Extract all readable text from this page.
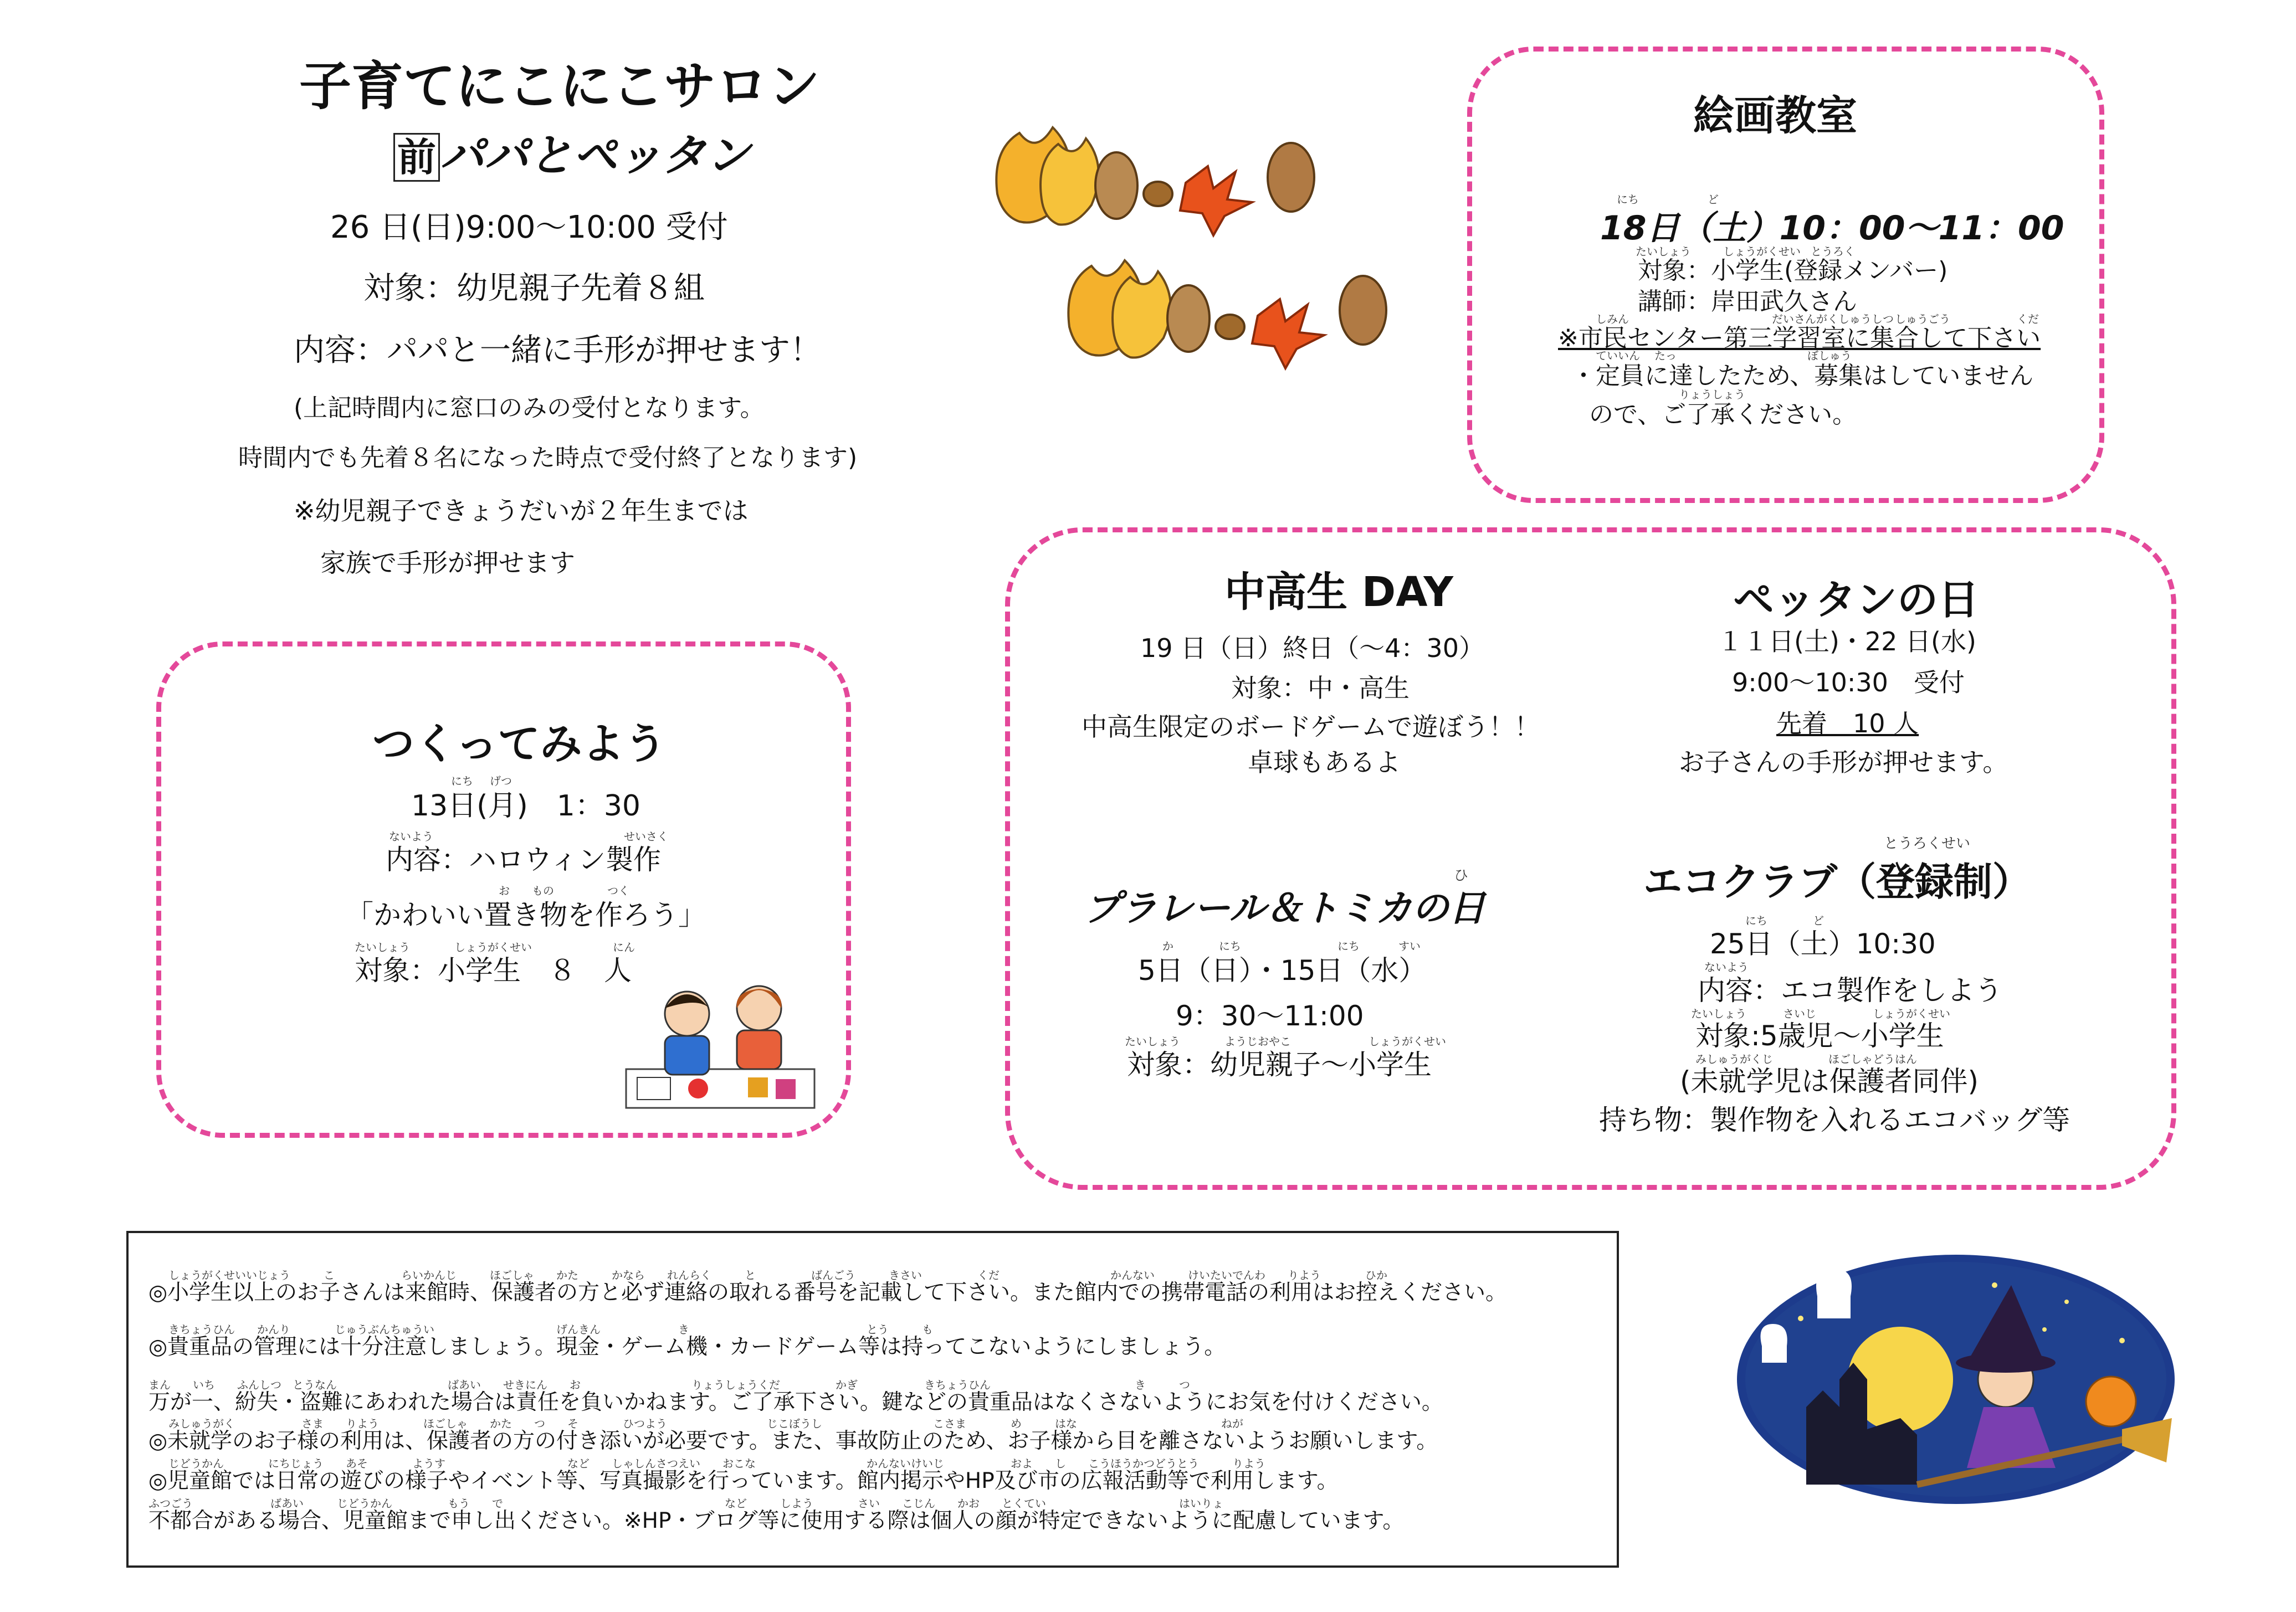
子育てにこにこサロン
前パパとペッタン
26 日(日)9:00～10:00 受付
対象：幼児親子先着８組
内容：パパと一緒に手形が押せます！
(上記時間内に窓口のみの受付となります。
時間内でも先着８名になった時点で受付終了となります)
※幼児親子できょうだいが２年生までは
家族で手形が押せます
絵画教室
にち	ど
18日（土）10：00～11：00
たいしょう	しょうがくせい とうろく
対象：小学生(登録メンバー)
講師：岸田武久さん
しみん	だいさんがくしゅうしつ しゅうごう	くだ
※市民センター第三学習室に集合して下さい
ていいん たっ	ぼしゅう
・定員に達したため、募集はしていません
りょうしょう
ので、ご了承ください。
つくってみよう
にち げつ
13日(月)　1：30
ないよう	せいさく
内容：ハロウィン製作
お もの	つく
「かわいい置き物を作ろう」
たいしょう	しょうがくせい	にん
対象：小学生　８　人
中高生 DAY
19 日（日）終日（～4：30）
対象：中・高生
中高生限定のボードゲームで遊ぼう！！
卓球もあるよ
ペッタンの日
１１日(土)・22 日(水)
9:00～10:30　受付
先着　10 人
お子さんの手形が押せます。
ひ
プラレール＆トミカの日
か	にち	にち	すい
5日（日）・15日（水）
9：30～11:00
たいしょう	ようじおやこ	しょうがくせい
対象：幼児親子～小学生
とうろくせい
エコクラブ（登録制）
にち	ど
25日（土）10:30
ないよう
内容：エコ製作をしよう
たいしょう	さいじ	しょうがくせい
対象:5歳児～小学生
みしゅうがくじ	ほごしゃどうはん
(未就学児は保護者同伴)
持ち物：製作物を入れるエコバッグ等
しょうがくせいいじょう　　　こ　　　　　　らいかんじ　　　ほごしゃ　　かた　　　かなら　　れんらく　　　と　　　　　ばんごう　　　きさい　　　　　くだ　　　　　　　　　　かんない　　　けいたいでんわ　　りよう　　　　ひか
◎小学生以上のお子さんは来館時、保護者の方と必ず連絡の取れる番号を記載して下さい。また館内での携帯電話の利用はお控えください。
きちょうひん　　かんり　　　　じゅうぶんちゅうい　　　　　　　　　　　げんきん　　　　　　　き　　　　　　　　　　　　　　　　とう　　　も
◎貴重品の管理には十分注意しましょう。現金・ゲーム機・カードゲーム等は持ってこないようにしましょう。
まん　　いち　　ふんしつ　とうなん　　　　　　　　　　ばあい　　せきにん　　お　　　　　　　　　　りょうしょうくだ　　　　　かぎ　　　　　　きちょうひん　　　　　　　　　　　　　き　　　つ
万が一、紛失・盗難にあわれた場合は責任を負いかねます。ご了承下さい。鍵などの貴重品はなくさないようにお気を付けください。
みしゅうがく　　　　　　さま　　りよう　　　　ほごしゃ　　かた　　つ　　そ　　　　ひつよう　　　　　　　　　じこぼうし　　　　　　　　　　こさま　　　　め　　　はな　　　　　　　　　　　　　ねが
◎未就学のお子様の利用は、保護者の方の付き添いが必要です。また、事故防止のため、お子様から目を離さないようお願いします。
じどうかん　　　　にちじょう　　あそ　　　　ようす　　　　　　　　　　　など　　しゃしんさつえい　　おこな　　　　　　　　　　かんないけいじ　　　　　　およ　　し　　こうほうかつどうとう　　　りよう
◎児童館では日常の遊びの様子やイベント等、写真撮影を行っています。館内掲示やHP及び市の広報活動等で利用します。
ふつごう　　　　　　　ばあい　　　じどうかん　　　　　もう　　で　　　　　　　　　　　　　　　　　　　　など　　　しよう　　　　さい　　こじん　　かお　　とくてい　　　　　　　　　　　　はいりょ
不都合がある場合、児童館まで申し出ください。※HP・ブログ等に使用する際は個人の顔が特定できないように配慮しています。
